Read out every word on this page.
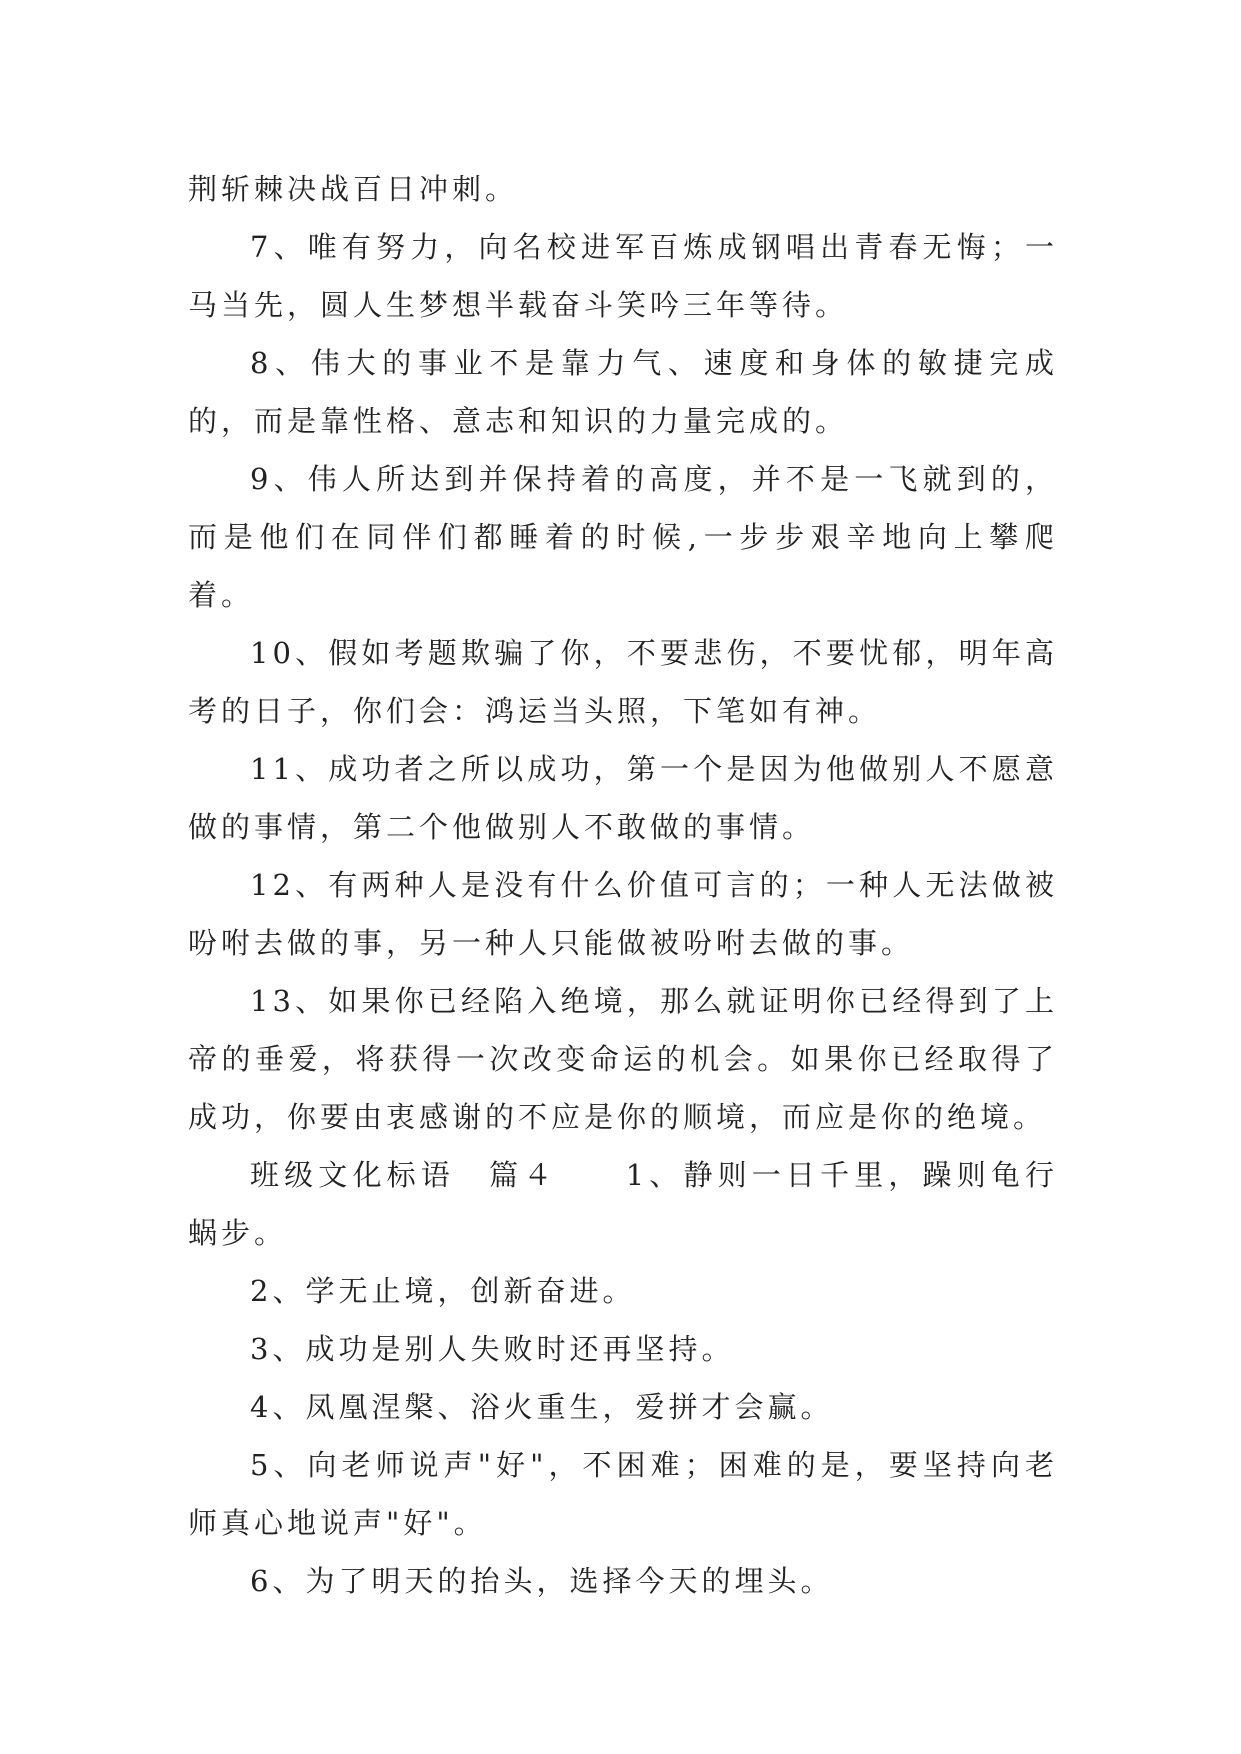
荆斩棘决战百日冲刺。

7、唯有努力，向名校进军百炼成钢唱出青春无悔；一马当先，圆人生梦想半载奋斗笑吟三年等待。

8、伟大的事业不是靠力气、速度和身体的敏捷完成的，而是靠性格、意志和知识的力量完成的。

9、伟人所达到并保持着的高度，并不是一飞就到的，而是他们在同伴们都睡着的时候,一步步艰辛地向上攀爬着。

10、假如考题欺骗了你，不要悲伤，不要忧郁，明年高考的日子，你们会：鸿运当头照，下笔如有神。

11、成功者之所以成功，第一个是因为他做别人不愿意做的事情，第二个他做别人不敢做的事情。

12、有两种人是没有什么价值可言的；一种人无法做被吩咐去做的事，另一种人只能做被吩咐去做的事。

13、如果你已经陷入绝境，那么就证明你已经得到了上帝的垂爱，将获得一次改变命运的机会。如果你已经取得了成功，你要由衷感谢的不应是你的顺境，而应是你的绝境。

班级文化标语　篇４　　1、静则一日千里，躁则龟行蜗步。

2、学无止境，创新奋进。

3、成功是别人失败时还再坚持。

4、凤凰涅槃、浴火重生，爱拼才会赢。

5、向老师说声"好"，不困难；困难的是，要坚持向老师真心地说声"好"。

6、为了明天的抬头，选择今天的埋头。
